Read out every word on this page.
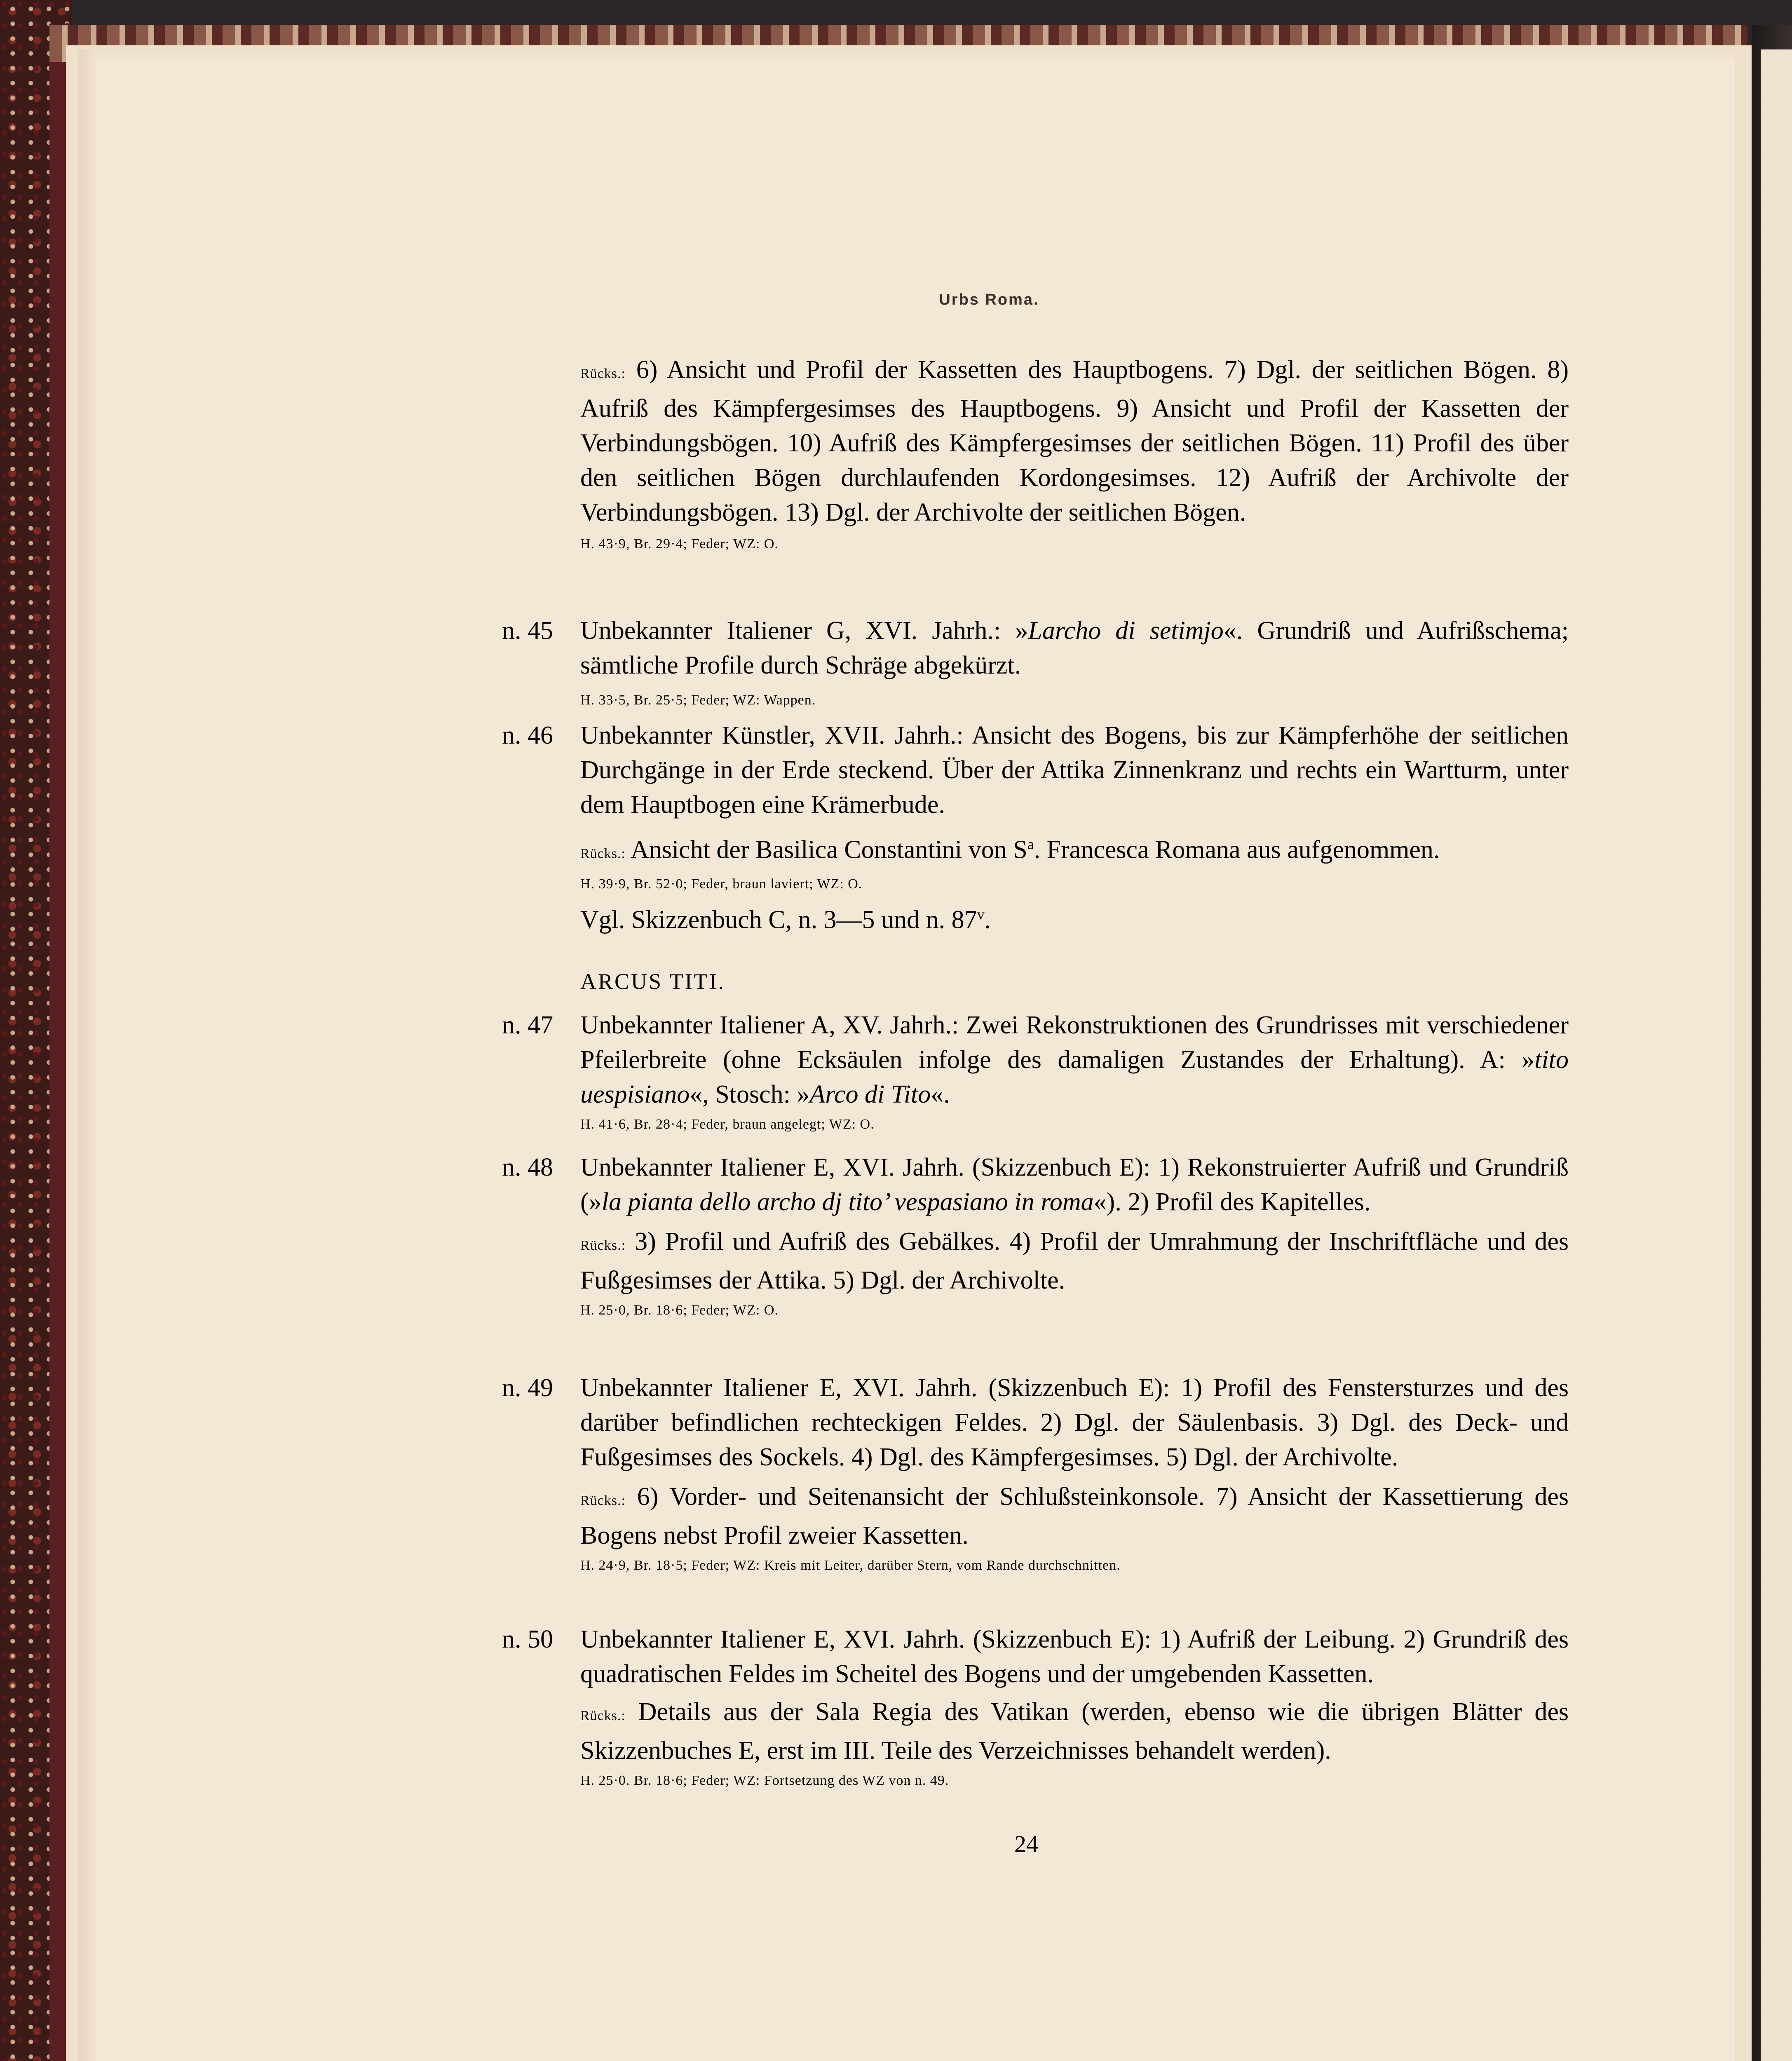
Urbs Roma.

Rücks.: 6) Ansicht und Profil der Kassetten des Hauptbogens. 7) Dgl. der seitlichen Bögen. 8) Aufriß des Kämpfergesimses des Hauptbogens. 9) Ansicht und Profil der Kassetten der Verbindungsbögen. 10) Aufriß des Kämpfergesimses der seitlichen Bögen. 11) Profil des über den seitlichen Bögen durchlaufenden Kordongesimses. 12) Aufriß der Archivolte der Verbindungsbögen. 13) Dgl. der Archivolte der seitlichen Bögen.

H. 43·9, Br. 29·4; Feder; WZ: O.

n. 45 Unbekannter Italiener G, XVI. Jahrh.: »Larcho di setimjo«. Grundriß und Aufrißschema; sämtliche Profile durch Schräge abgekürzt.

H. 33·5, Br. 25·5; Feder; WZ: Wappen.

n. 46 Unbekannter Künstler, XVII. Jahrh.: Ansicht des Bogens, bis zur Kämpferhöhe der seitlichen Durchgänge in der Erde steckend. Über der Attika Zinnenkranz und rechts ein Wartturm, unter dem Hauptbogen eine Krämerbude.

Rücks.: Ansicht der Basilica Constantini von $S^a$. Francesca Romana aus aufgenommen.

H. 39·9, Br. 52·0; Feder, braun laviert; WZ: O.

Vgl. Skizzenbuch C, n. 3—5 und n. 87$^v$.

ARCUS TITI.

n. 47 Unbekannter Italiener A, XV. Jahrh.: Zwei Rekonstruktionen des Grundrisses mit verschiedener Pfeilerbreite (ohne Ecksäulen infolge des damaligen Zustandes der Erhaltung). A: »tito uespisiano«, Stosch: »Arco di Tito«.

H. 41·6, Br. 28·4; Feder, braun angelegt; WZ: O.

n. 48 Unbekannter Italiener E, XVI. Jahrh. (Skizzenbuch E): 1) Rekonstruierter Aufriß und Grundriß (»la pianta dello archo dj tito’ vespasiano in roma«). 2) Profil des Kapitelles.

Rücks.: 3) Profil und Aufriß des Gebälkes. 4) Profil der Umrahmung der Inschriftfläche und des Fußgesimses der Attika. 5) Dgl. der Archivolte.

H. 25·0, Br. 18·6; Feder; WZ: O.

n. 49 Unbekannter Italiener E, XVI. Jahrh. (Skizzenbuch E): 1) Profil des Fenstersturzes und des darüber befindlichen rechteckigen Feldes. 2) Dgl. der Säulenbasis. 3) Dgl. des Deck- und Fußgesimses des Sockels. 4) Dgl. des Kämpfergesimses. 5) Dgl. der Archivolte.

Rücks.: 6) Vorder- und Seitenansicht der Schlußsteinkonsole. 7) Ansicht der Kassettierung des Bogens nebst Profil zweier Kassetten.

H. 24·9, Br. 18·5; Feder; WZ: Kreis mit Leiter, darüber Stern, vom Rande durchschnitten.

n. 50 Unbekannter Italiener E, XVI. Jahrh. (Skizzenbuch E): 1) Aufriß der Leibung. 2) Grundriß des quadratischen Feldes im Scheitel des Bogens und der umgebenden Kassetten.

Rücks.: Details aus der Sala Regia des Vatikan (werden, ebenso wie die übrigen Blätter des Skizzenbuches E, erst im III. Teile des Verzeichnisses behandelt werden).

H. 25·0. Br. 18·6; Feder; WZ: Fortsetzung des WZ von n. 49.

24
